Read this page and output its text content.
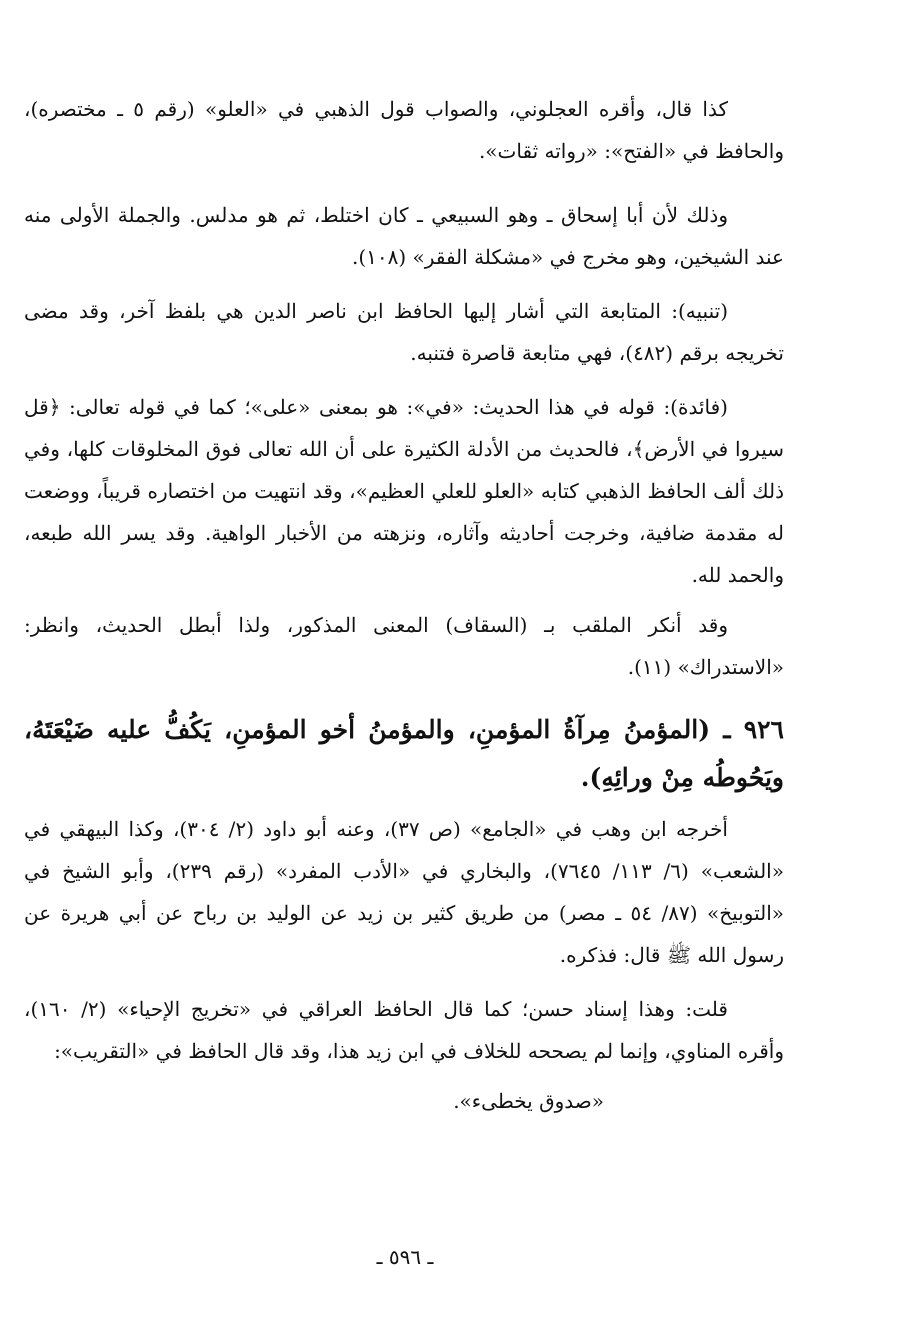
كذا قال، وأقره العجلوني، والصواب قول الذهبي في «العلو» (رقم ٥ ـ مختصره)، والحافظ في «الفتح»: «رواته ثقات».

وذلك لأن أبا إسحاق ـ وهو السبيعي ـ كان اختلط، ثم هو مدلس. والجملة الأولى منه عند الشيخين، وهو مخرج في «مشكلة الفقر» (١٠٨).

(تنبيه): المتابعة التي أشار إليها الحافظ ابن ناصر الدين هي بلفظ آخر، وقد مضى تخريجه برقم (٤٨٢)، فهي متابعة قاصرة فتنبه.

(فائدة): قوله في هذا الحديث: «في»: هو بمعنى «على»؛ كما في قوله تعالى: ﴿قل سيروا في الأرض﴾، فالحديث من الأدلة الكثيرة على أن الله تعالى فوق المخلوقات كلها، وفي ذلك ألف الحافظ الذهبي كتابه «العلو للعلي العظيم»، وقد انتهيت من اختصاره قريباً، ووضعت له مقدمة ضافية، وخرجت أحاديثه وآثاره، ونزهته من الأخبار الواهية. وقد يسر الله طبعه، والحمد لله.

وقد أنكر الملقب بـ (السقاف) المعنى المذكور، ولذا أبطل الحديث، وانظر: «الاستدراك» (١١).

٩٢٦ ـ (المؤمنُ مِرآةُ المؤمنِ، والمؤمنُ أخو المؤمنِ، يَكُفُّ عليه ضَيْعَتَهُ، ويَحُوطُه مِنْ ورائِهِ).

أخرجه ابن وهب في «الجامع» (ص ٣٧)، وعنه أبو داود (٢/ ٣٠٤)، وكذا البيهقي في «الشعب» (٦/ ١١٣/ ٧٦٤٥)، والبخاري في «الأدب المفرد» (رقم ٢٣٩)، وأبو الشيخ في «التوبيخ» (٨٧/ ٥٤ ـ مصر) من طريق كثير بن زيد عن الوليد بن رباح عن أبي هريرة عن رسول الله ﷺ قال: فذكره.

قلت: وهذا إسناد حسن؛ كما قال الحافظ العراقي في «تخريج الإحياء» (٢/ ١٦٠)، وأقره المناوي، وإنما لم يصححه للخلاف في ابن زيد هذا، وقد قال الحافظ في «التقريب»:

«صدوق يخطىء».

ـ ٥٩٦ ـ
